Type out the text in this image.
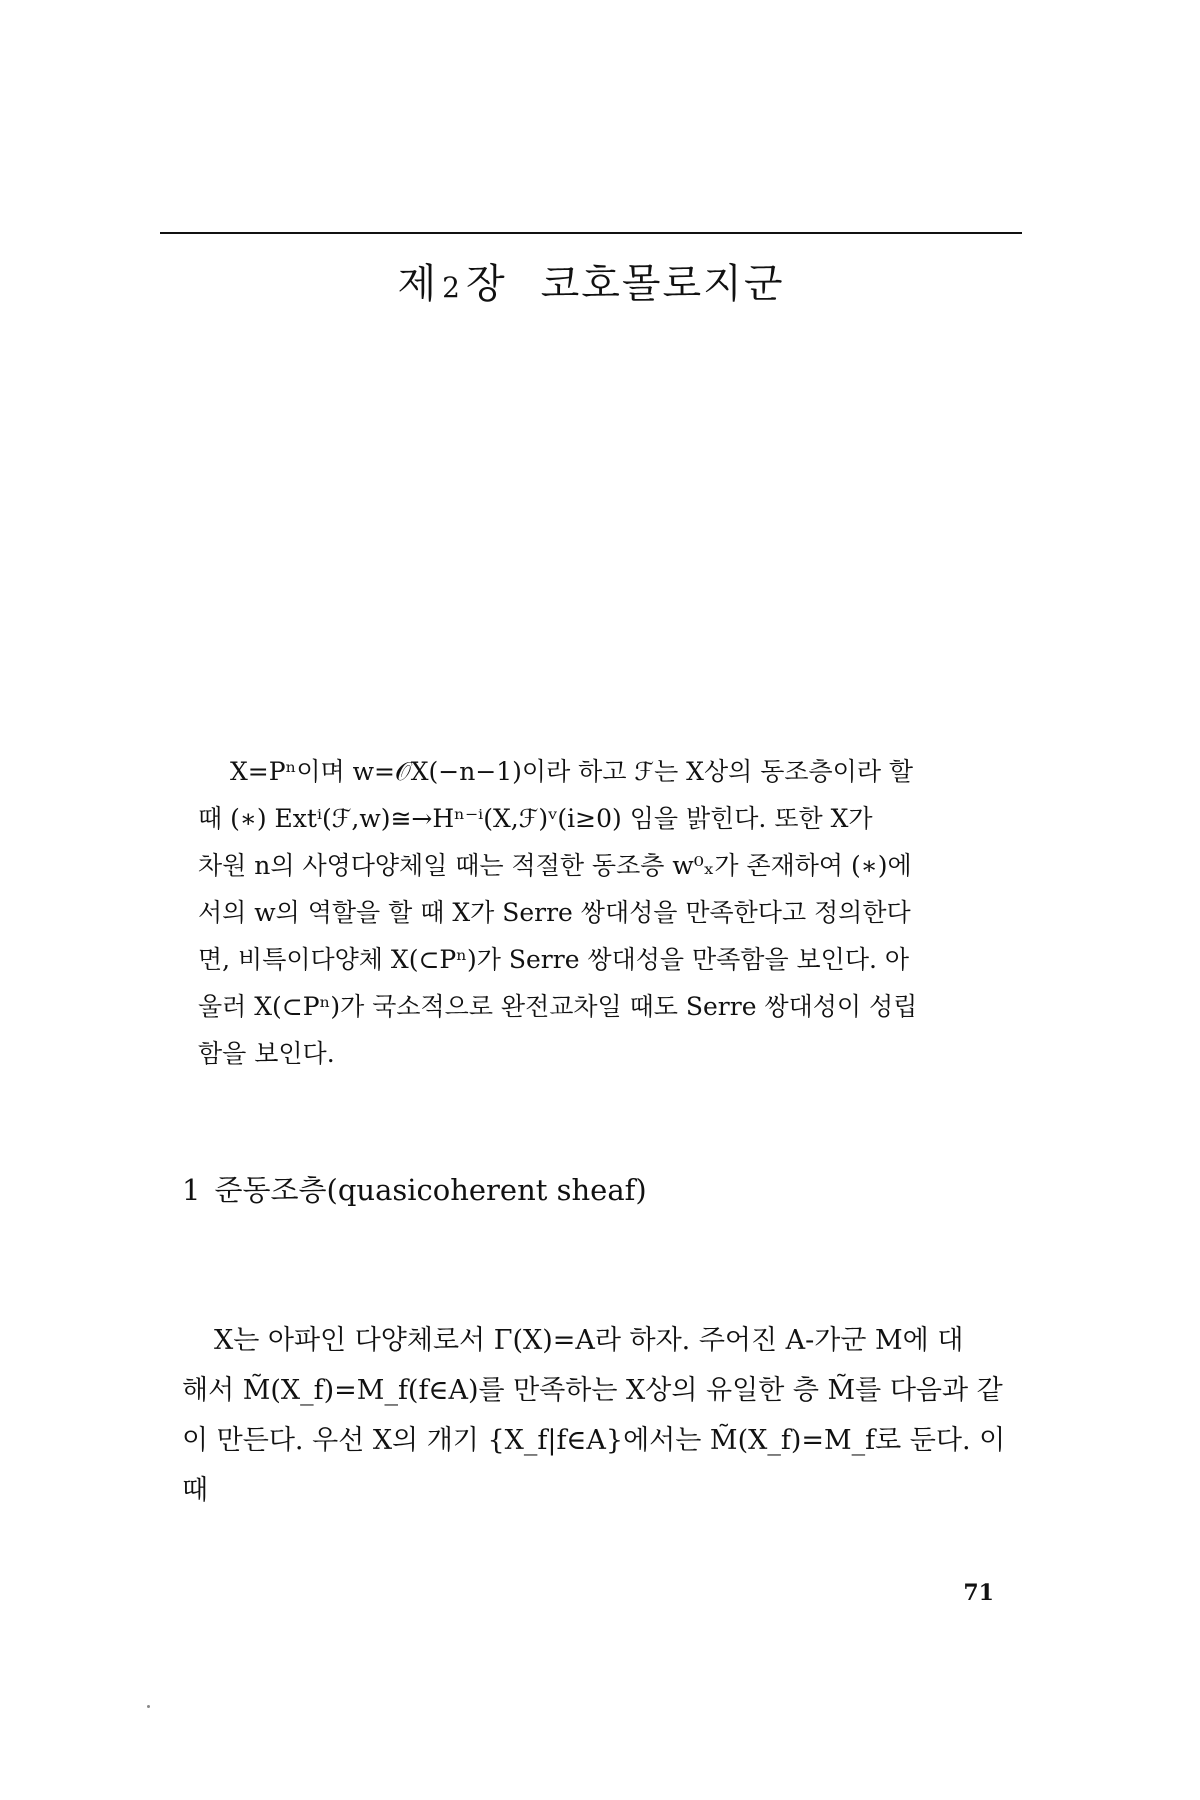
제 2 장 코호몰로지군
X=Pⁿ이며 w=𝒪X(−n−1)이라 하고 ℱ는 X상의 동조층이라 할
때 (∗) Extⁱ(ℱ,w)≅→Hⁿ⁻ⁱ(X,ℱ)ᵛ(i≥0) 임을 밝힌다. 또한 X가
차원 n의 사영다양체일 때는 적절한 동조층 w⁰ₓ가 존재하여 (∗)에
서의 w의 역할을 할 때 X가 Serre 쌍대성을 만족한다고 정의한다
면, 비특이다양체 X(⊂Pⁿ)가 Serre 쌍대성을 만족함을 보인다. 아
울러 X(⊂Pⁿ)가 국소적으로 완전교차일 때도 Serre 쌍대성이 성립
함을 보인다.
1 준동조층(quasicoherent sheaf)
X는 아파인 다양체로서 Γ(X)=A라 하자. 주어진 A-가군 M에 대
해서 M̃(X_f)=M_f(f∈A)를 만족하는 X상의 유일한 층 M̃를 다음과 같
이 만든다. 우선 X의 개기 {X_f|f∈A}에서는 M̃(X_f)=M_f로 둔다. 이
때
71
